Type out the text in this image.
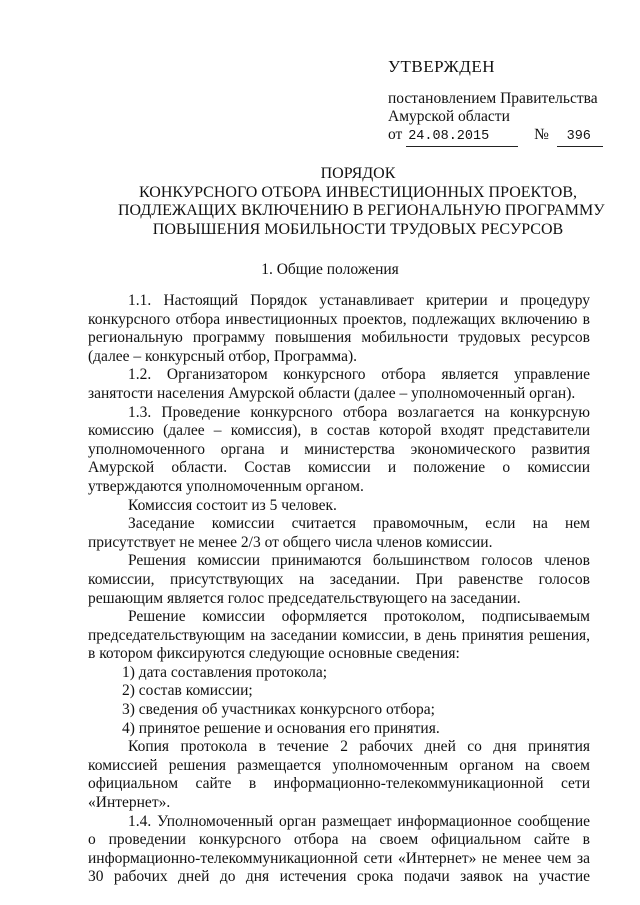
УТВЕРЖДЕН
постановлением Правительства
Амурской области
от 24.08.2015	№ 396
ПОРЯДОК
КОНКУРСНОГО ОТБОРА ИНВЕСТИЦИОННЫХ ПРОЕКТОВ,
ПОДЛЕЖАЩИХ ВКЛЮЧЕНИЮ В РЕГИОНАЛЬНУЮ ПРОГРАММУ
ПОВЫШЕНИЯ МОБИЛЬНОСТИ ТРУДОВЫХ РЕСУРСОВ
1. Общие положения

1.1. Настоящий Порядок устанавливает критерии и процедуру конкурсного отбора инвестиционных проектов, подлежащих включению в региональную программу повышения мобильности трудовых ресурсов (далее – конкурсный отбор, Программа).

1.2. Организатором конкурсного отбора является управление занятости населения Амурской области (далее – уполномоченный орган).

1.3. Проведение конкурсного отбора возлагается на конкурсную комиссию (далее – комиссия), в состав которой входят представители уполномоченного органа и министерства экономического развития Амурской области. Состав комиссии и положение о комиссии утверждаются уполномоченным органом.

Комиссия состоит из 5 человек.

Заседание комиссии считается правомочным, если на нем присутствует не менее 2/3 от общего числа членов комиссии.

Решения комиссии принимаются большинством голосов членов комиссии, присутствующих на заседании. При равенстве голосов решающим является голос председательствующего на заседании.

Решение комиссии оформляется протоколом, подписываемым председательствующим на заседании комиссии, в день принятия решения, в котором фиксируются следующие основные сведения:

1) дата составления протокола;

2) состав комиссии;

3) сведения об участниках конкурсного отбора;

4) принятое решение и основания его принятия.

Копия протокола в течение 2 рабочих дней со дня принятия комиссией решения размещается уполномоченным органом на своем официальном сайте в информационно-телекоммуникационной сети «Интернет».

1.4. Уполномоченный орган размещает информационное сообщение о проведении конкурсного отбора на своем официальном сайте в информационно-телекоммуникационной сети «Интернет» не менее чем за 30 рабочих дней до дня истечения срока подачи заявок на участие
